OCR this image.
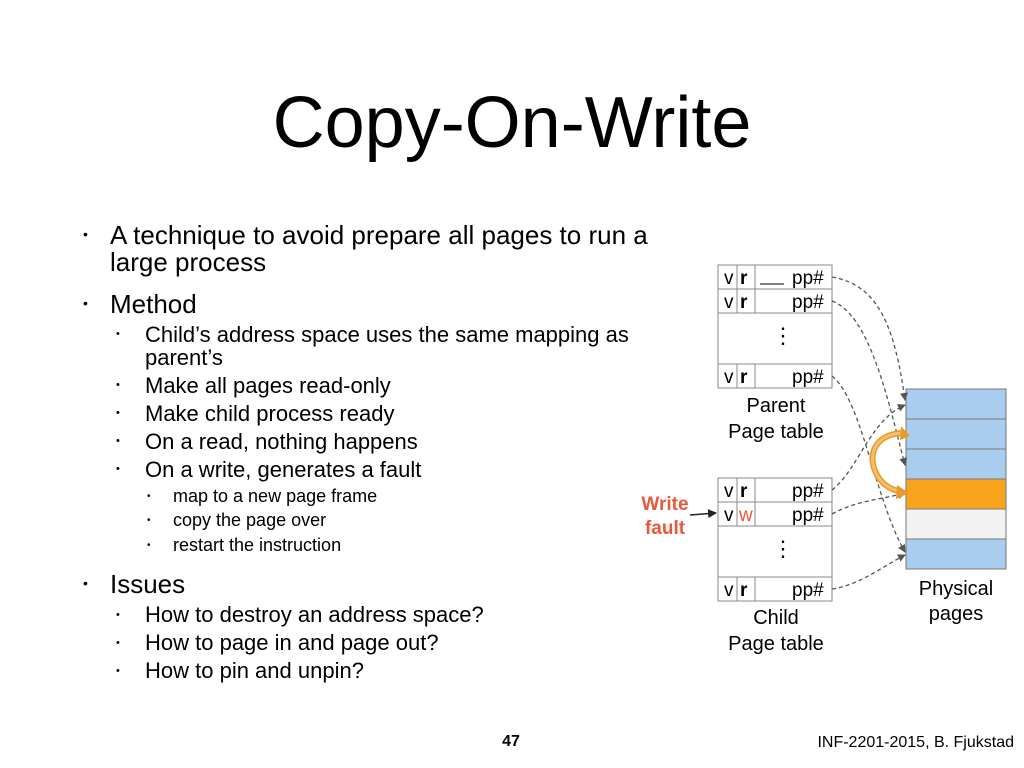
Copy-On-Write
• A technique to avoid prepare all pages to run a
large process
• Method
• Child’s address space uses the same mapping as
parent’s
• Make all pages read-only
• Make child process ready
• On a read, nothing happens
• On a write, generates a fault
• map to a new page frame
• copy the page over
• restart the instruction
• Issues
• How to destroy an address space?
• How to page in and page out?
• How to pin and unpin?
v r pp#
v r pp#
⋮
v r pp#
Parent
Page table
v r pp#
v w pp#
⋮
v r pp#
Child
Page table
Physical
pages
Write
fault
47	INF-2201-2015, B. Fjukstad
